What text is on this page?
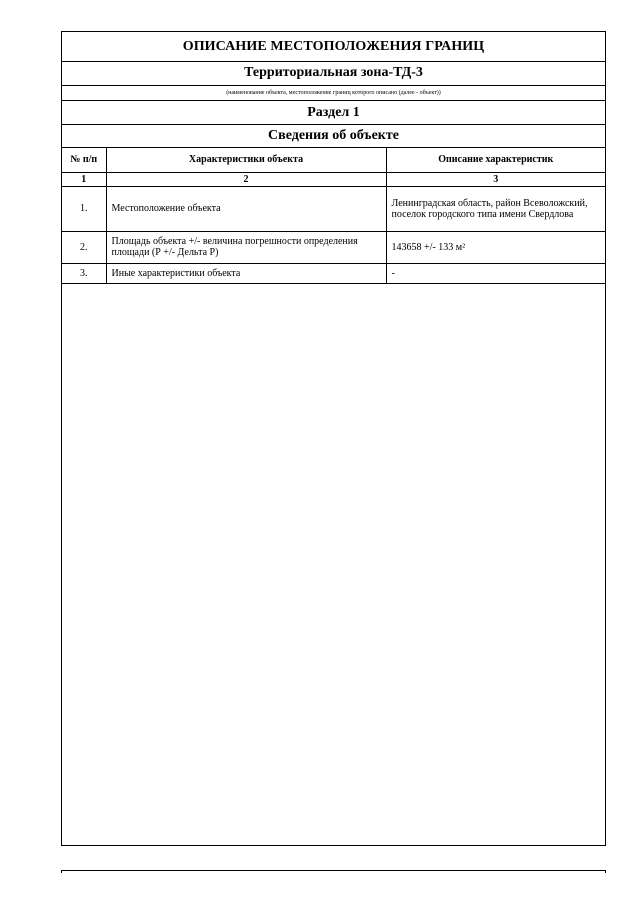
ОПИСАНИЕ МЕСТОПОЛОЖЕНИЯ ГРАНИЦ
Территориальная зона-ТД-3
(наименование объекта, местоположение границ которого описано (далее - объект))
Раздел 1
Сведения об объекте
№ п/п	Характеристики объекта	Описание характеристик
1	2	3
1.	Местоположение объекта	Ленинградская область, район Всеволожский, поселок городского типа имени Свердлова
2.	Площадь объекта +/- величина погрешности определения площади (Р +/- Дельта Р)	143658 +/- 133 м²
3.	Иные характеристики объекта	-
